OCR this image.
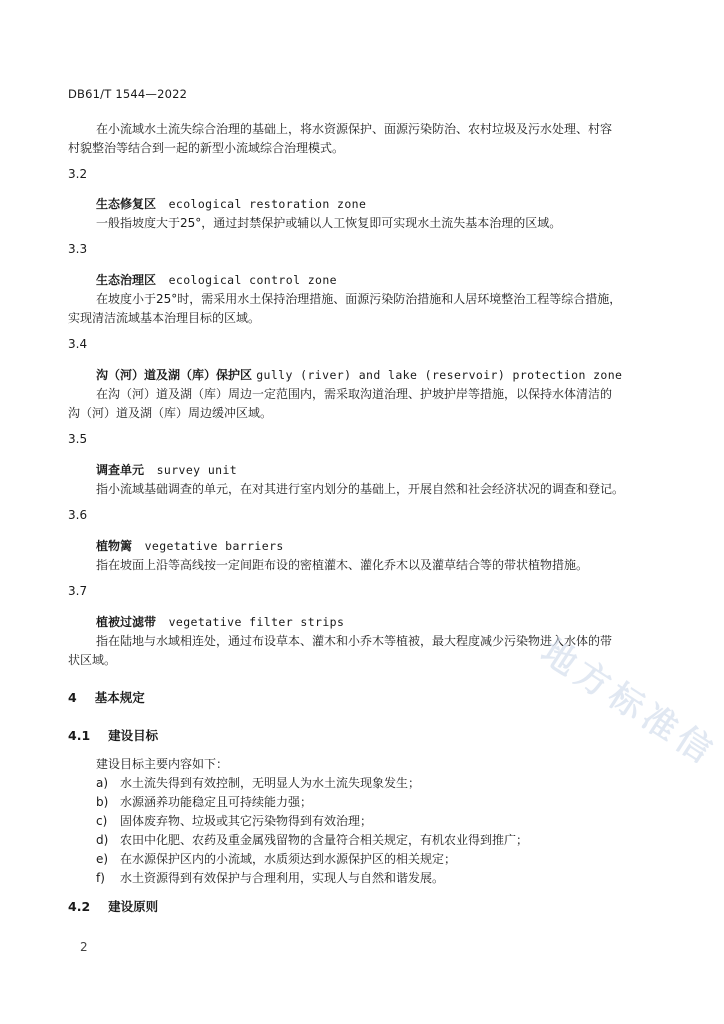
DB61/T 1544—2022
在小流域水土流失综合治理的基础上，将水资源保护、面源污染防治、农村垃圾及污水处理、村容
村貌整治等结合到一起的新型小流域综合治理模式。
3.2
生态修复区 ecological restoration zone
一般指坡度大于25°，通过封禁保护或辅以人工恢复即可实现水土流失基本治理的区域。
3.3
生态治理区 ecological control zone
在坡度小于25°时，需采用水土保持治理措施、面源污染防治措施和人居环境整治工程等综合措施，
实现清洁流域基本治理目标的区域。
3.4
沟（河）道及湖（库）保护区 gully (river) and lake (reservoir) protection zone
在沟（河）道及湖（库）周边一定范围内，需采取沟道治理、护坡护岸等措施，以保持水体清洁的
沟（河）道及湖（库）周边缓冲区域。
3.5
调查单元 survey unit
指小流域基础调查的单元，在对其进行室内划分的基础上，开展自然和社会经济状况的调查和登记。
3.6
植物篱 vegetative barriers
指在坡面上沿等高线按一定间距布设的密植灌木、灌化乔木以及灌草结合等的带状植物措施。
3.7
植被过滤带 vegetative filter strips
指在陆地与水域相连处，通过布设草本、灌木和小乔木等植被，最大程度减少污染物进入水体的带
状区域。
4 基本规定
4.1 建设目标
建设目标主要内容如下：
a) 水土流失得到有效控制，无明显人为水土流失现象发生；
b) 水源涵养功能稳定且可持续能力强；
c) 固体废弃物、垃圾或其它污染物得到有效治理；
d) 农田中化肥、农药及重金属残留物的含量符合相关规定，有机农业得到推广；
e) 在水源保护区内的小流域，水质须达到水源保护区的相关规定；
f) 水土资源得到有效保护与合理利用，实现人与自然和谐发展。
4.2 建设原则
2
地方标准信
